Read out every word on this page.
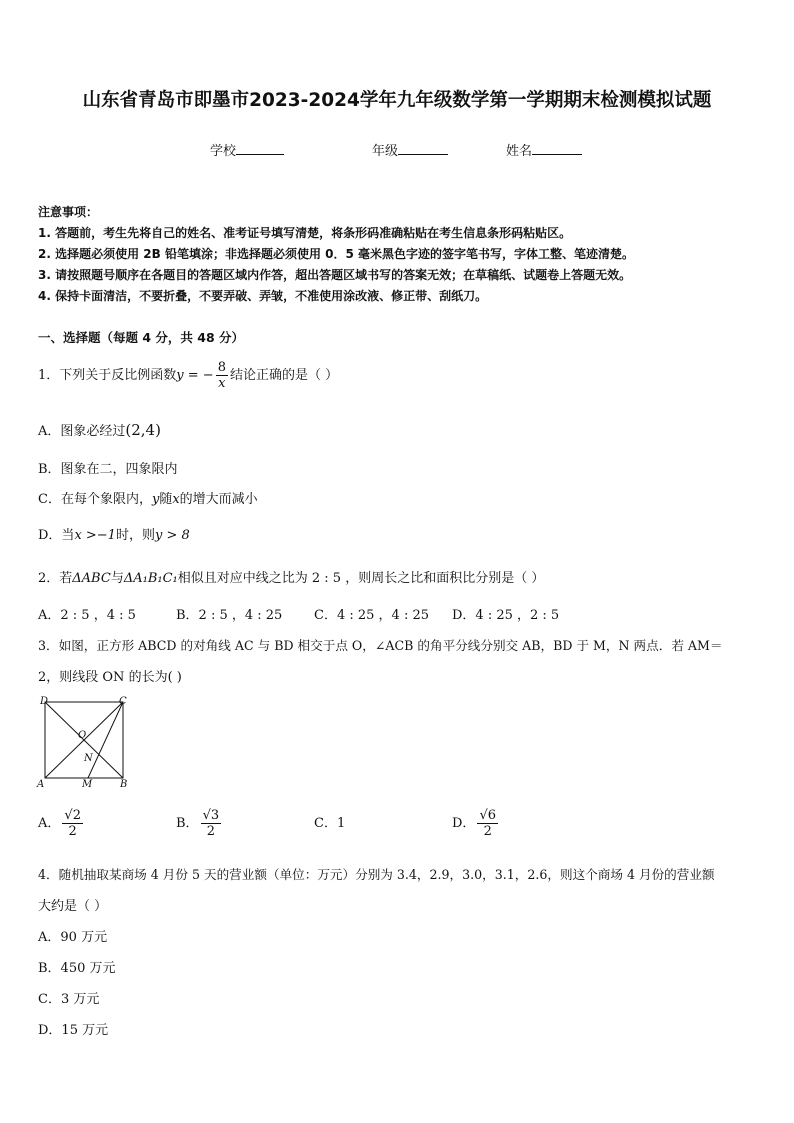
山东省青岛市即墨市2023-2024学年九年级数学第一学期期末检测模拟试题
学校	年级	姓名
注意事项：
1. 答题前，考生先将自己的姓名、准考证号填写清楚，将条形码准确粘贴在考生信息条形码粘贴区。
2. 选择题必须使用 2B 铅笔填涂；非选择题必须使用 0．5 毫米黑色字迹的签字笔书写，字体工整、笔迹清楚。
3. 请按照题号顺序在各题目的答题区域内作答，超出答题区域书写的答案无效；在草稿纸、试题卷上答题无效。
4. 保持卡面清洁，不要折叠，不要弄破、弄皱，不准使用涂改液、修正带、刮纸刀。
一、选择题（每题 4 分，共 48 分）
1．下列关于反比例函数y = − $\frac{8}{x}$ 结论正确的是（ ）
A．图象必经过(2,4)
B．图象在二，四象限内
C．在每个象限内，y随x的增大而减小
D．当x >−1时，则y > 8
2．若ΔABC与ΔA₁B₁C₁相似且对应中线之比为 2 : 5 ，则周长之比和面积比分别是（ ）
A．2 : 5 ，4 : 5	B．2 : 5 ，4 : 25 C．4 : 25 ，4 : 25 D．4 : 25 ，2 : 5
3．如图，正方形 ABCD 的对角线 AC 与 BD 相交于点 O，∠ACB 的角平分线分别交 AB，BD 于 M，N 两点．若 AM＝
2，则线段 ON 的长为( )
D	C
O
N
A	M	B
A． $\frac{√2}{2}$	B． $\frac{√3}{2}$	C．1	D． $\frac{√6}{2}$
4．随机抽取某商场 4 月份 5 天的营业额（单位：万元）分别为 3.4，2.9，3.0，3.1，2.6，则这个商场 4 月份的营业额
大约是（ ）
A．90 万元
B．450 万元
C．3 万元
D．15 万元
